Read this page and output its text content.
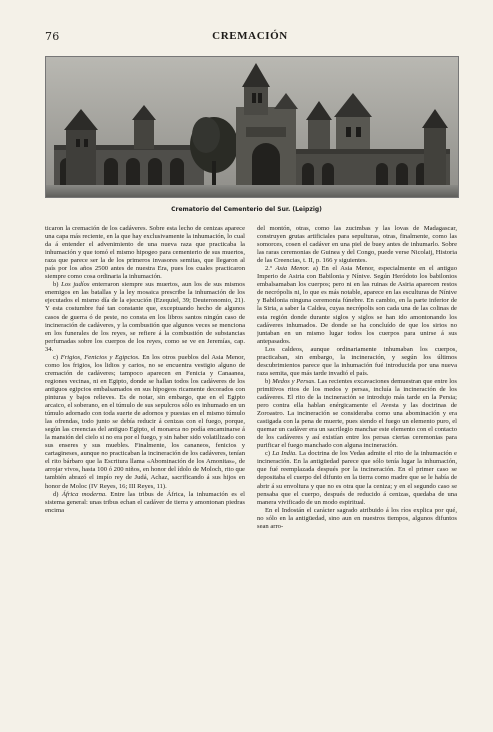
76	CREMACIÓN
Crematorio del Cementerio del Sur. (Leipzig)

ticaron la cremación de los cadáveres. Sobre esta lecho de cenizas aparece una capa más reciente, en la que hay exclusivamente la inhumación, lo cual da á entender el advenimiento de una nueva raza que practicaba la inhumación y que tomó el mismo hipogeo para cementerio de sus muertos, raza que parece ser la de los primeros invasores semitas, que llegaron al país por los años 2500 antes de nuestra Era, pues los cuales practicaron siempre como cosa ordinaria la inhumación.

b) Los judíos enterraron siempre sus muertos, aun los de sus mismos enemigos en las batallas y la ley mosaica prescribe la inhumación de los ejecutados el mismo día de la ejecución (Ezequiel, 39; Deuteronomio, 21). Y esta costumbre fué tan constante que, exceptuando hecho de algunos casos de guerra ó de peste, no consta en los libros santos ningún caso de incineración de cadáveres, y la combustión que algunos veces se menciona en los funerales de los reyes, se refiere á la combustión de substancias perfumadas sobre los cuerpos de los reyes, como se ve en Jeremías, cap. 34.

c) Frigios, Fenicios y Egipcios. En los otros pueblos del Asia Menor, como los frigios, los lidios y carios, no se encuentra vestigio alguno de cremación de cadáveres; tampoco aparecen en Fenicia y Canaanea, regiones vecinas, ni en Egipto, donde se hallan todos los cadáveres de los antiguos egipcios embalsamados en sus hipogeos ricamente decorados con pinturas y bajos relieves. Es de notar, sin embargo, que en el Egipto arcaico, el soberano, en el túmulo de sus sepulcros sólo es inhumado en un túmulo adornado con toda suerte de adornos y puestas en el mismo túmulo las ofrendas, todo junto se debía reducir á cenizas con el fuego, porque, según las creencias del antiguo Egipto, el monarca no podía encaminarse á la mansión del cielo si no era por el fuego, y sin haber sido volatilizado con sus enseres y sus muebles. Finalmente, los cananeos, fenicios y cartagineses, aunque no practicaban la incineración de los cadáveres, tenían el rito bárbaro que la Escritura llama «Abominación de los Amonitas», de arrojar vivos, hasta 100 ó 200 niños, en honor del ídolo de Moloch, rito que también abrazó el impío rey de Judá, Achaz, sacrificando á sus hijos en honor de Moloc (IV Reyes, 16; III Reyes, 11).

d) África moderna. Entre las tribus de África, la inhumación es el sistema general: unas tribus echan el cadáver de tierra y amontonan piedras encima

del montón, otras, como las zucimbas y las lovas de Madagascar, construyen grutas artificiales para sepulturas, otras, finalmente, como las somorces, cosen el cadáver en una piel de buey antes de inhumarlo. Sobre las raras ceremonias de Guinea y del Congo, puede verse Nicolaij, Historia de las Creencias, t. II, p. 166 y siguientes.

2.º Asia Menor. a) En el Asia Menor, especialmente en el antiguo Imperio de Asiria con Babilonia y Nínive. Según Heródoto los babilonios embalsamaban los cuerpos; pero ni en las ruinas de Asiria aparecen restos de necrópolis ni, lo que es más notable, aparece en las esculturas de Nínive y Babilonia ninguna ceremonia fúnebre. En cambio, en la parte inferior de la Siria, a saber la Caldea, cuyas necrópolis son cada una de las colinas de esta región donde durante siglos y siglos se han ido amontonando los cadáveres inhumados. De donde se ha concluído de que los sirios no juntaban en un mismo lugar todos los cuerpos para unirse á sus antepasados.

Los caldeos, aunque ordinariamente inhumaban los cuerpos, practicaban, sin embargo, la incineración, y según los últimos descubrimientos parece que la inhumación fué introducida por una nueva raza semita, que más tarde invadió el país.

b) Medos y Persas. Las recientes excavaciones demuestran que entre los primitivos ritos de los medos y persas, incluía la incineración de los cadáveres. El rito de la incineración se introdujo más tarde en la Persia; pero contra ella hablan enérgicamente el Avesta y las doctrinas de Zoroastro. La incineración se consideraba como una abominación y era castigada con la pena de muerte, pues siendo el fuego un elemento puro, el quemar un cadáver era un sacrilegio manchar este elemento con el contacto de los cadáveres y así existían entre los persas ciertas ceremonias para purificar el fuego manchado con alguna incineración.

c) La India. La doctrina de los Vedas admite el rito de la inhumación e incineración. En la antigüedad parece que sólo tenía lugar la inhumación, que fué reemplazada después por la incineración. En el primer caso se depositaba el cuerpo del difunto en la tierra como madre que se le había de abrir á su envoltura y que no es otra que la ceniza; y en el segundo caso se pensaba que el cuerpo, después de reducido á cenizas, quedaba de una manera vivificado de un modo espiritual.

En el Indostán el carácter sagrado atribuido á los ríos explica por qué, no sólo en la antigüedad, sino aun en nuestros tiempos, algunos difuntos sean arro-
